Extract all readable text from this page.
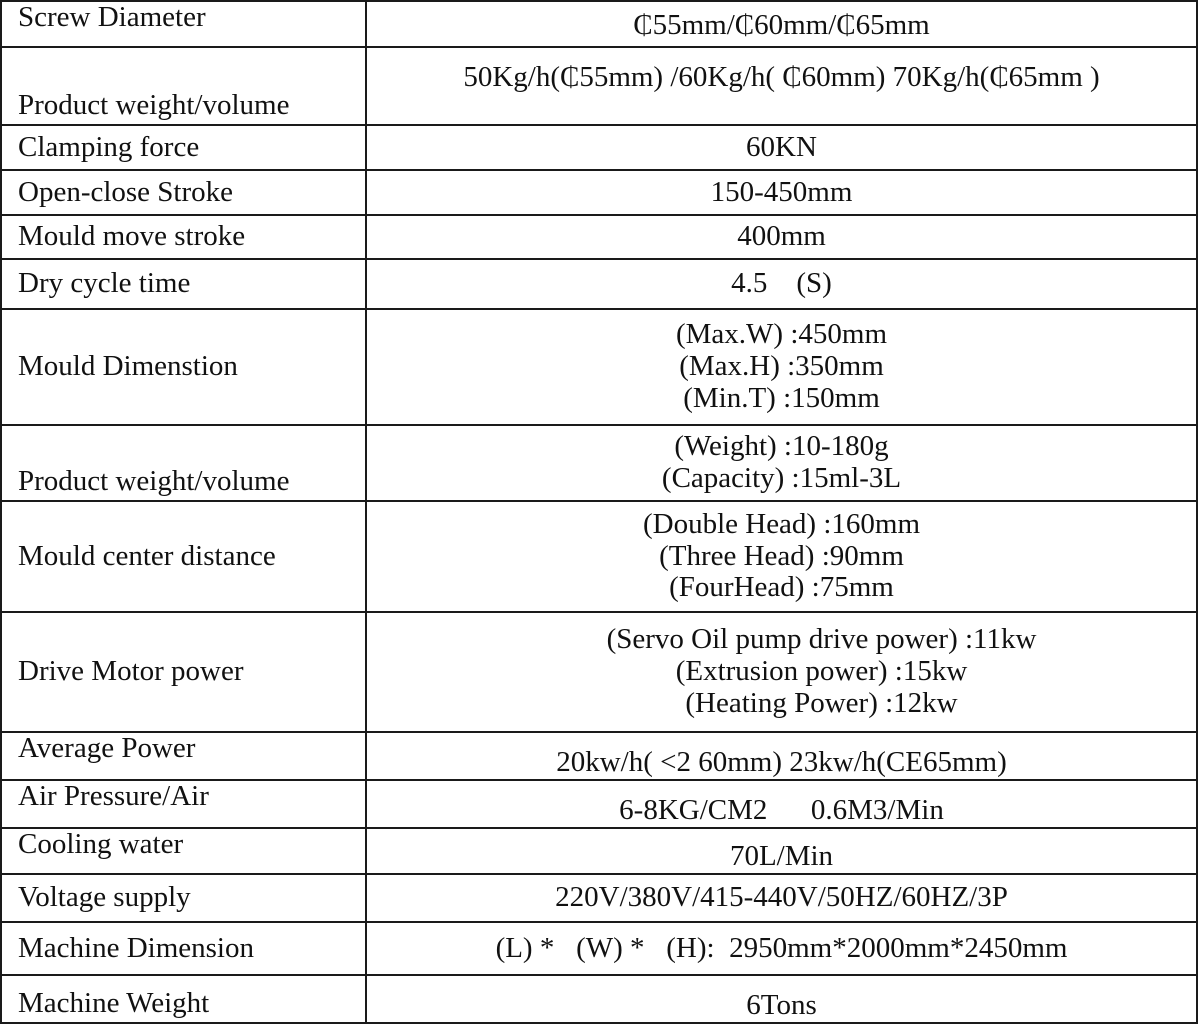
Screw Diameter	₵55mm/₵60mm/₵65mm

Product weight/volume	50Kg/h(₵55mm) /60Kg/h( ₵60mm) 70Kg/h(₵65mm )

Clamping force	60KN

Open-close Stroke	150-450mm

Mould move stroke	400mm

Dry cycle time	4.5    (S)

Mould Dimenstion	(Max.W) :450mm
(Max.H) :350mm
(Min.T) :150mm

Product weight/volume	(Weight) :10-180g
(Capacity) :15ml-3L

Mould center distance	(Double Head) :160mm
(Three Head) :90mm
(FourHead) :75mm

Drive Motor power	(Servo Oil pump drive power) :11kw
(Extrusion power) :15kw
(Heating Power) :12kw

Average Power	20kw/h( <2 60mm) 23kw/h(CE65mm)

Air Pressure/Air	6-8KG/CM2      0.6M3/Min

Cooling water	70L/Min

Voltage supply	220V/380V/415-440V/50HZ/60HZ/3P

Machine Dimension	(L) *   (W) *   (H):  2950mm*2000mm*2450mm

Machine Weight	6Tons
